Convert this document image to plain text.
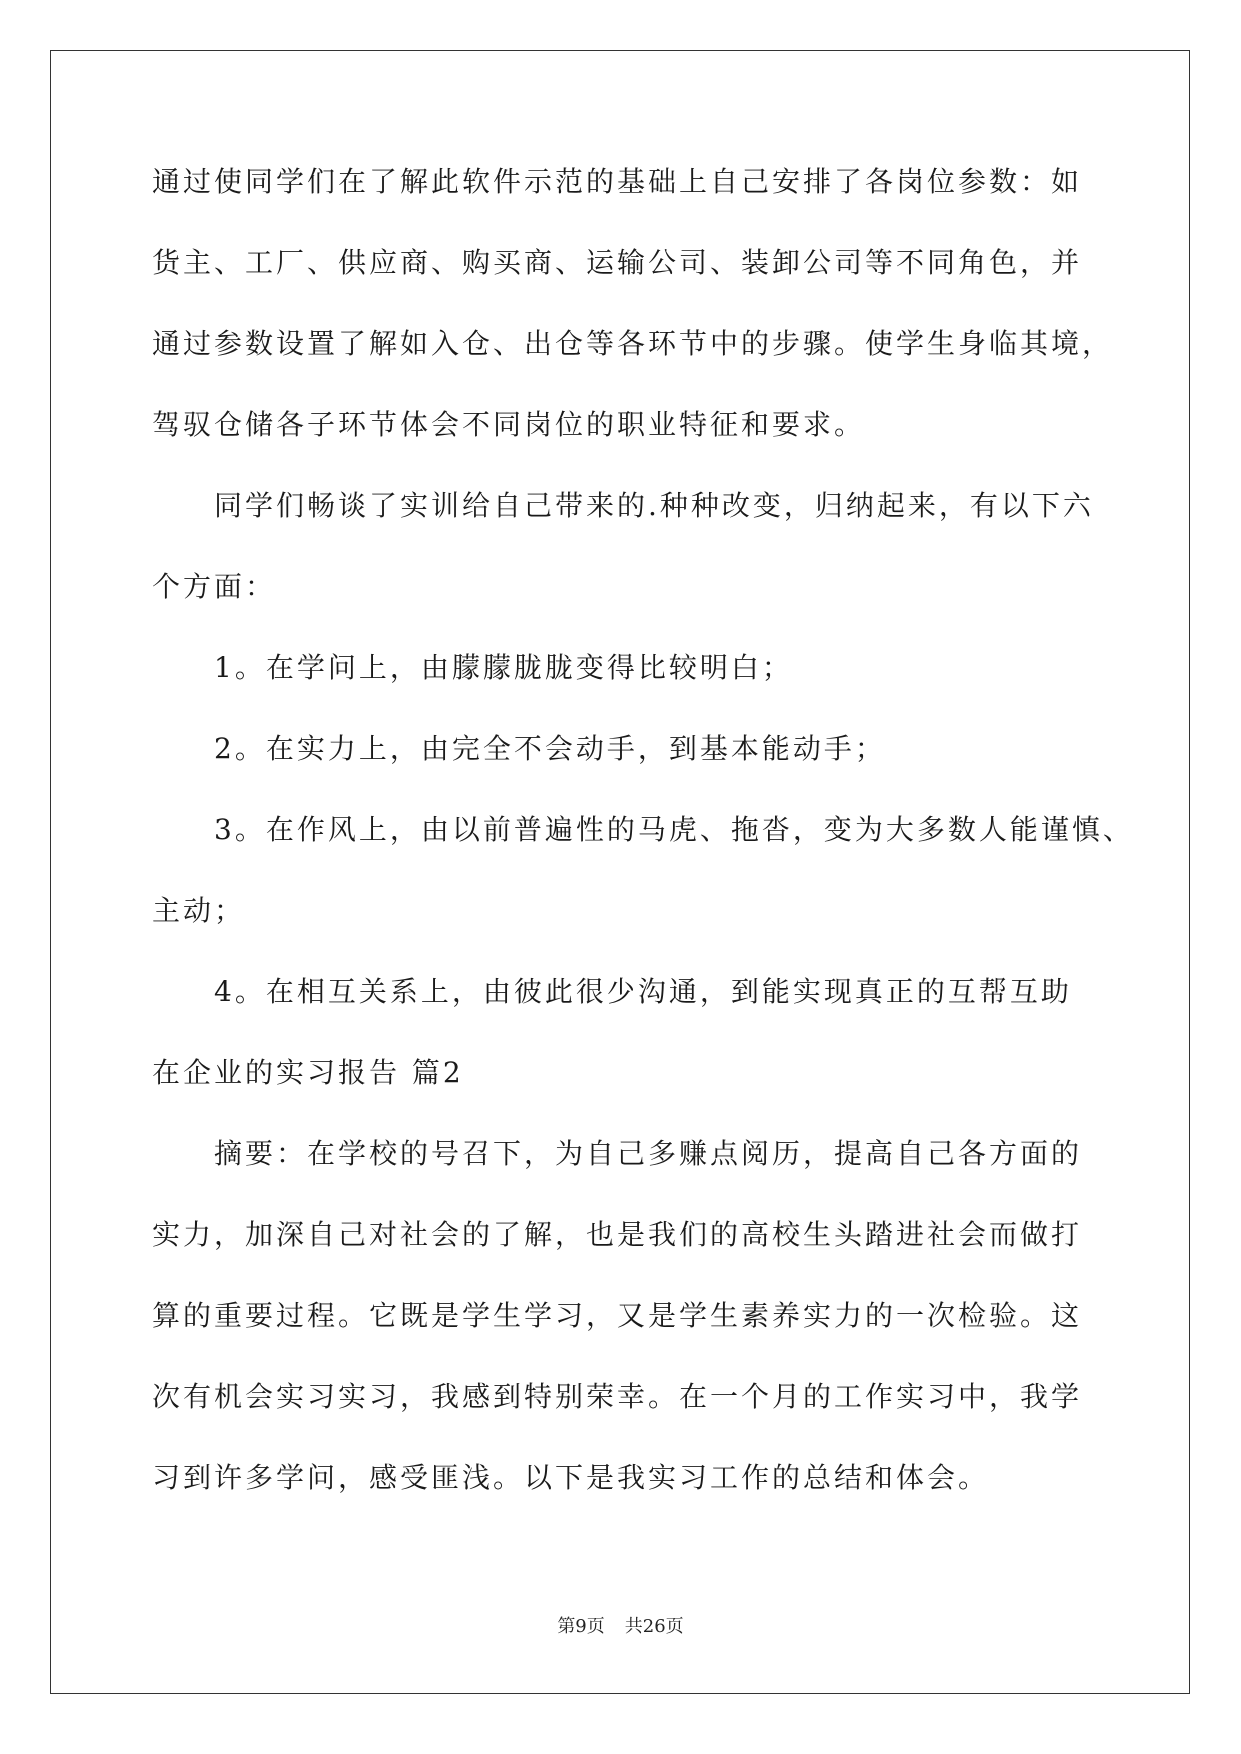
通过使同学们在了解此软件示范的基础上自己安排了各岗位参数：如
货主、工厂、供应商、购买商、运输公司、装卸公司等不同角色，并
通过参数设置了解如入仓、出仓等各环节中的步骤。使学生身临其境，
驾驭仓储各子环节体会不同岗位的职业特征和要求。
同学们畅谈了实训给自己带来的.种种改变，归纳起来，有以下六
个方面：
1。在学问上，由朦朦胧胧变得比较明白；
2。在实力上，由完全不会动手，到基本能动手；
3。在作风上，由以前普遍性的马虎、拖沓，变为大多数人能谨慎、
主动；
4。在相互关系上，由彼此很少沟通，到能实现真正的互帮互助
在企业的实习报告 篇2
摘要：在学校的号召下，为自己多赚点阅历，提高自己各方面的
实力，加深自己对社会的了解，也是我们的高校生头踏进社会而做打
算的重要过程。它既是学生学习，又是学生素养实力的一次检验。这
次有机会实习实习，我感到特别荣幸。在一个月的工作实习中，我学
习到许多学问，感受匪浅。以下是我实习工作的总结和体会。
第9页 共26页
